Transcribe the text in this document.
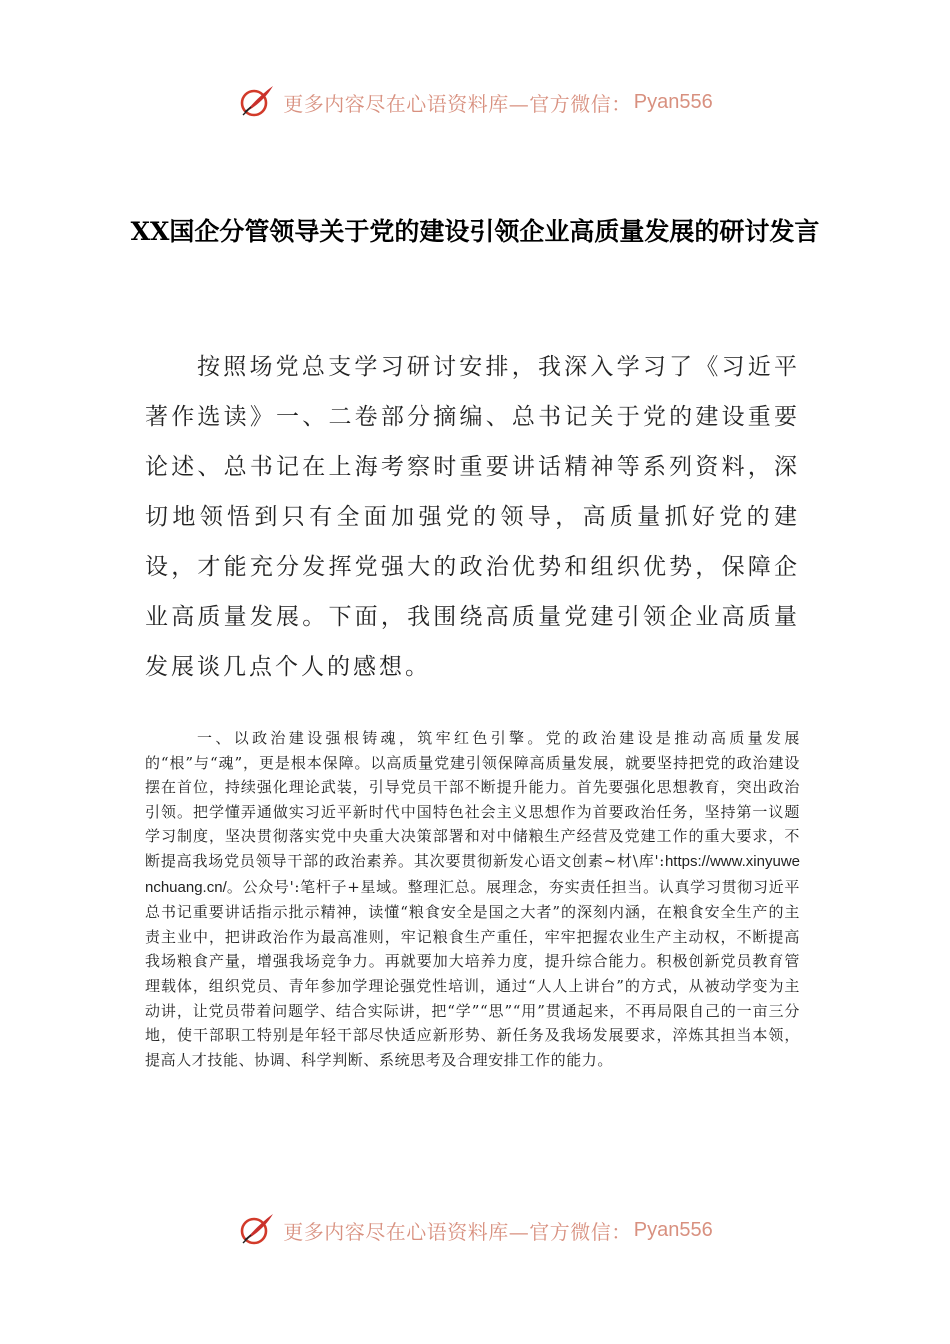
更多内容尽在心语资料库—官方微信： Pyan556
XX国企分管领导关于党的建设引领企业高质量发展的研讨发言

按照场党总支学习研讨安排，我深入学习了《习近平著作选读》一、二卷部分摘编、总书记关于党的建设重要论述、总书记在上海考察时重要讲话精神等系列资料，深切地领悟到只有全面加强党的领导，高质量抓好党的建设，才能充分发挥党强大的政治优势和组织优势，保障企业高质量发展。下面，我围绕高质量党建引领企业高质量发展谈几点个人的感想。

一、以政治建设强根铸魂，筑牢红色引擎。党的政治建设是推动高质量发展的“根”与“魂”，更是根本保障。以高质量党建引领保障高质量发展，就要坚持把党的政治建设摆在首位，持续强化理论武装，引导党员干部不断提升能力。首先要强化思想教育，突出政治引领。把学懂弄通做实习近平新时代中国特色社会主义思想作为首要政治任务，坚持第一议题学习制度，坚决贯彻落实党中央重大决策部署和对中储粮生产经营及党建工作的重大要求，不断提高我场党员领导干部的政治素养。其次要贯彻新发心语文创素~材\库':https://www.xinyuwenchuang.cn/。公众号':笔杆子+星域。整理汇总。展理念，夯实责任担当。认真学习贯彻习近平总书记重要讲话指示批示精神，读懂“粮食安全是国之大者”的深刻内涵，在粮食安全生产的主责主业中，把讲政治作为最高准则，牢记粮食生产重任，牢牢把握农业生产主动权，不断提高我场粮食产量，增强我场竞争力。再就要加大培养力度，提升综合能力。积极创新党员教育管理载体，组织党员、青年参加学理论强党性培训，通过“人人上讲台”的方式，从被动学变为主动讲，让党员带着问题学、结合实际讲，把“学”“思”“用”贯通起来，不再局限自己的一亩三分地，使干部职工特别是年轻干部尽快适应新形势、新任务及我场发展要求，淬炼其担当本领，提高人才技能、协调、科学判断、系统思考及合理安排工作的能力。

更多内容尽在心语资料库—官方微信： Pyan556
